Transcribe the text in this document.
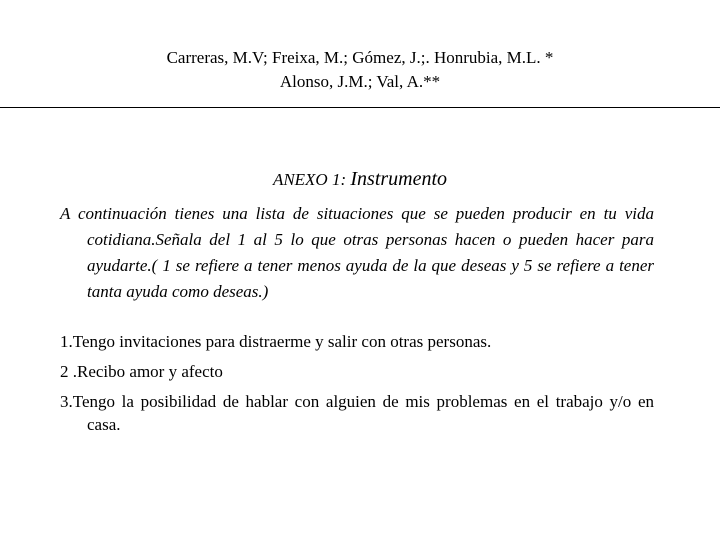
Carreras, M.V; Freixa, M.; Gómez, J.;. Honrubia, M.L. *
Alonso, J.M.; Val, A.**
ANEXO 1: Instrumento
A continuación tienes una lista de situaciones que se pueden producir en tu vida cotidiana.Señala del 1 al 5 lo que otras personas hacen o pueden hacer para ayudarte.( 1 se refiere a tener menos ayuda de la que deseas y 5 se refiere a tener tanta ayuda como deseas.)
1.Tengo invitaciones para distraerme y salir con otras personas.
2 .Recibo amor y afecto
3.Tengo la posibilidad de hablar con alguien de mis problemas en el trabajo y/o en casa.
